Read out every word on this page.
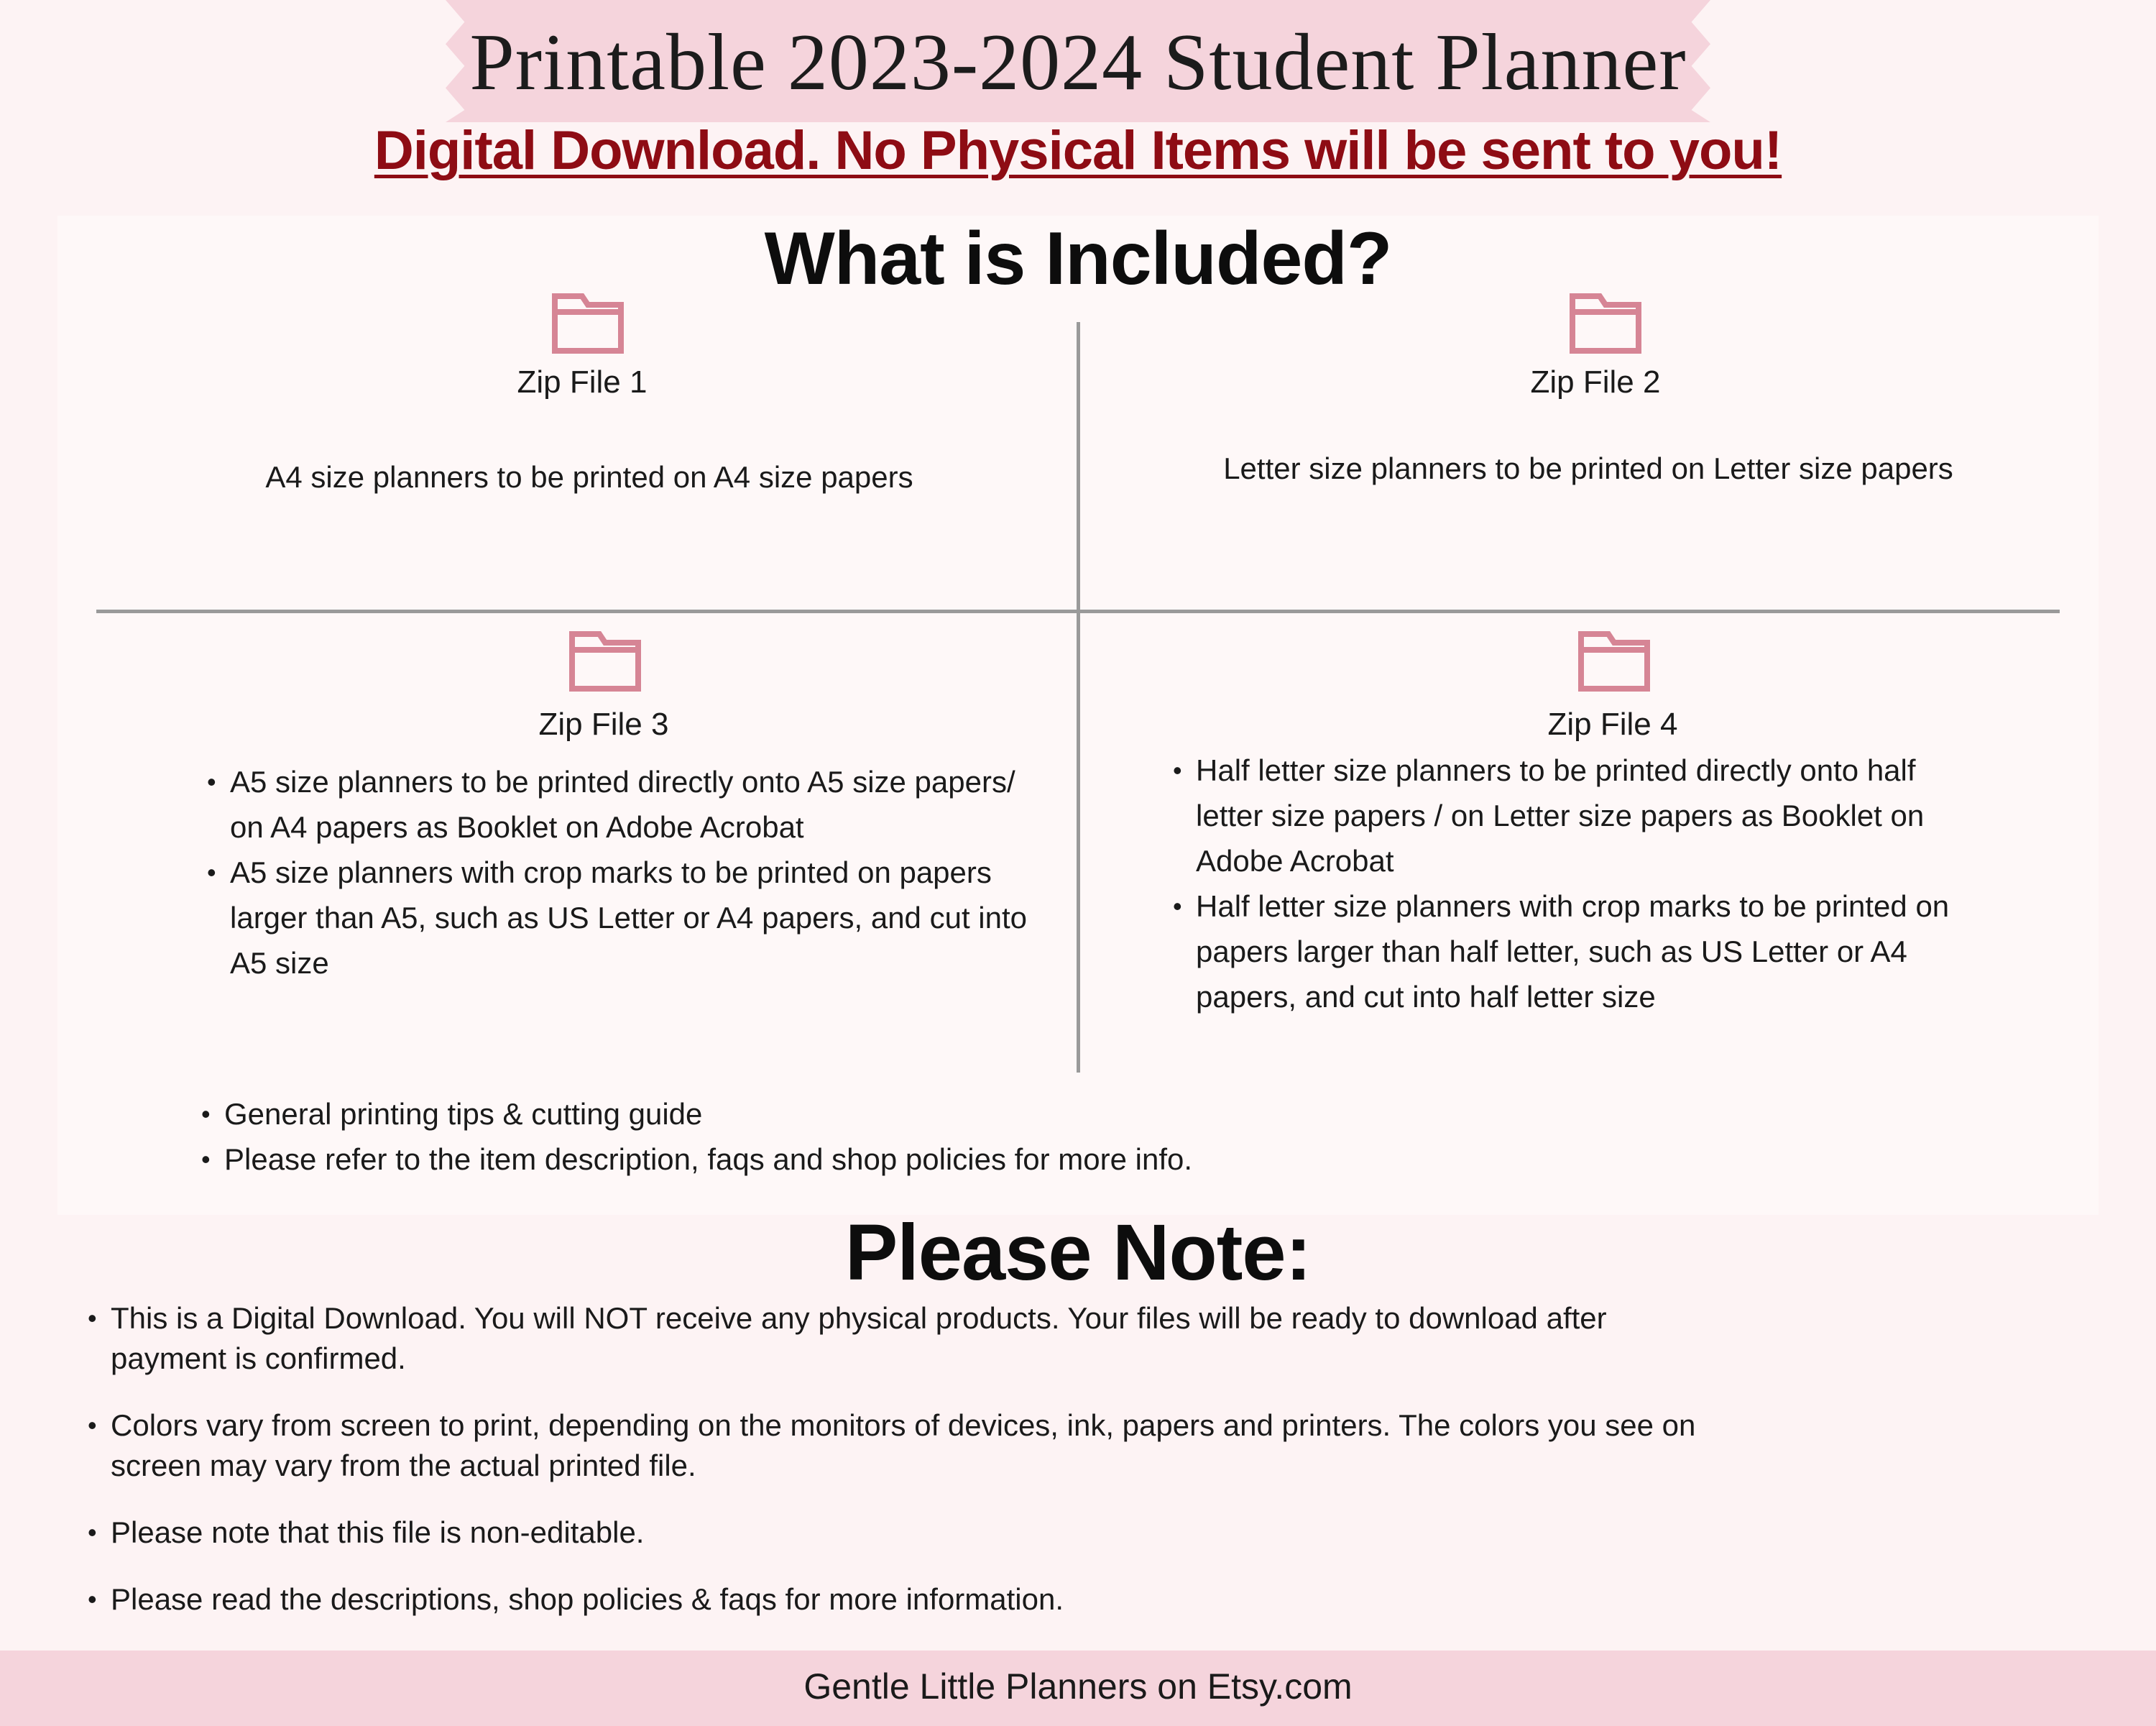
Printable 2023-2024 Student Planner
Digital Download. No Physical Items will be sent to you!
What is Included?
Zip File 1
A4 size planners to be printed on A4 size papers
Zip File 2
Letter size planners to be printed on Letter size papers
Zip File 3
• A5 size planners to be printed directly onto A5 size papers/ on A4 papers as Booklet on Adobe Acrobat
• A5 size planners with crop marks to be printed on papers larger than A5, such as US Letter or A4 papers, and cut into A5 size
Zip File 4
• Half letter size planners to be printed directly onto half letter size papers / on Letter size papers as Booklet on Adobe Acrobat
• Half letter size planners with crop marks to be printed on papers larger than half letter, such as US Letter or A4 papers, and cut into half letter size
• General printing tips & cutting guide
• Please refer to the item description, faqs and shop policies for more info.
Please Note:
• This is a Digital Download. You will NOT receive any physical products. Your files will be ready to download after payment is confirmed.
• Colors vary from screen to print, depending on the monitors of devices, ink, papers and printers. The colors you see on screen may vary from the actual printed file.
• Please note that this file is non-editable.
• Please read the descriptions, shop policies & faqs for more information.
Gentle Little Planners on Etsy.com
